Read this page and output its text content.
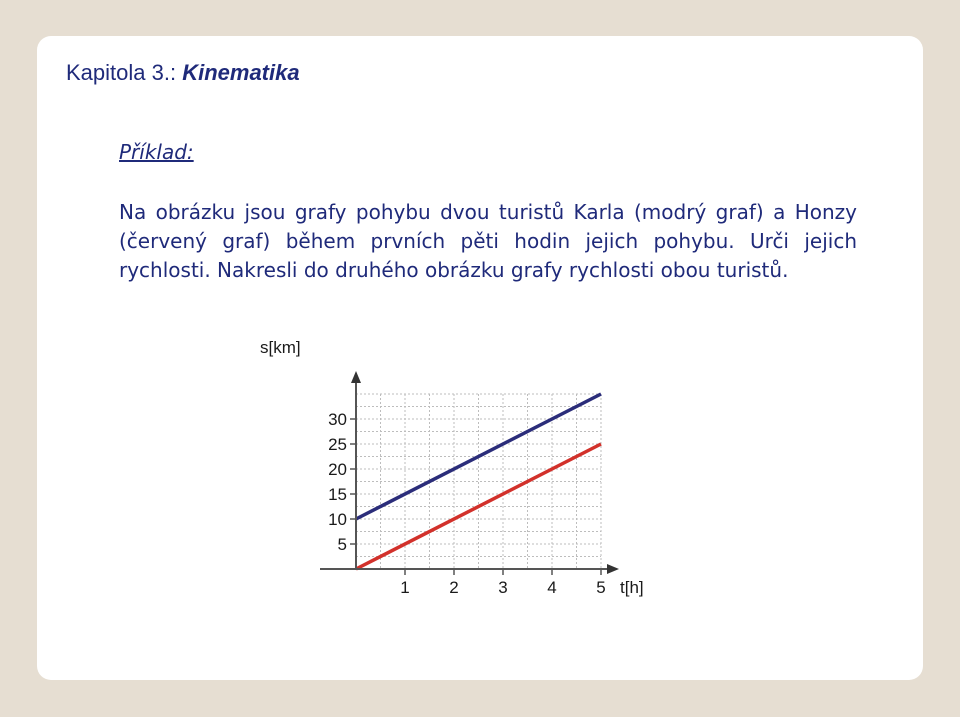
Kapitola 3.: Kinematika
Příklad:
Na obrázku jsou grafy pohybu dvou turistů Karla (modrý graf) a Honzy (červený graf) během prvních pěti hodin jejich pohybu. Urči jejich rychlosti. Nakresli do druhého obrázku grafy rychlosti obou turistů.
5
10
15
20
25
30
1 2 3 4 5
s[km]
t[h]
